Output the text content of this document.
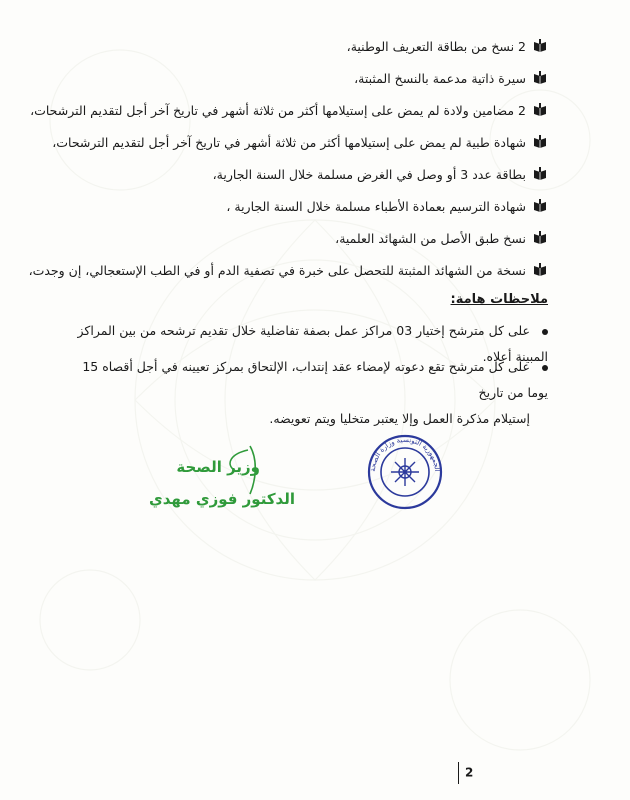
2 نسخ من بطاقة التعريف الوطنية،
سيرة ذاتية مدعمة بالنسخ المثبتة،
2 مضامين ولادة لم يمض على إستيلامها أكثر من ثلاثة أشهر في تاريخ آخر أجل لتقديم الترشحات،
شهادة طبية لم يمض على إستيلامها أكثر من ثلاثة أشهر في تاريخ آخر أجل لتقديم الترشحات،
بطاقة عدد 3 أو وصل في الغرض مسلمة خلال السنة الجارية،
شهادة الترسيم بعمادة الأطباء مسلمة خلال السنة الجارية ،
نسخ طبق الأصل من الشهائد العلمية،
نسخة من الشهائد المثبتة للتحصل على خبرة في تصفية الدم أو في الطب الإستعجالي، إن وجدت،
ملاحظات هامة:
على كل مترشح إختيار 03 مراكز عمل بصفة تفاضلية خلال تقديم ترشحه من بين المراكز المبينة أعلاه.
على كل مترشح تقع دعوته لإمضاء عقد إنتداب، الإلتحاق بمركز تعيينه في أجل أقصاه 15 يوما من تاريخ
إستيلام مذكرة العمل وإلا يعتبر متخليا ويتم تعويضه.
وزير الصحة
الدكتور فوزي مهدي
الجمهورية التونسية وزارة الصحة
2
